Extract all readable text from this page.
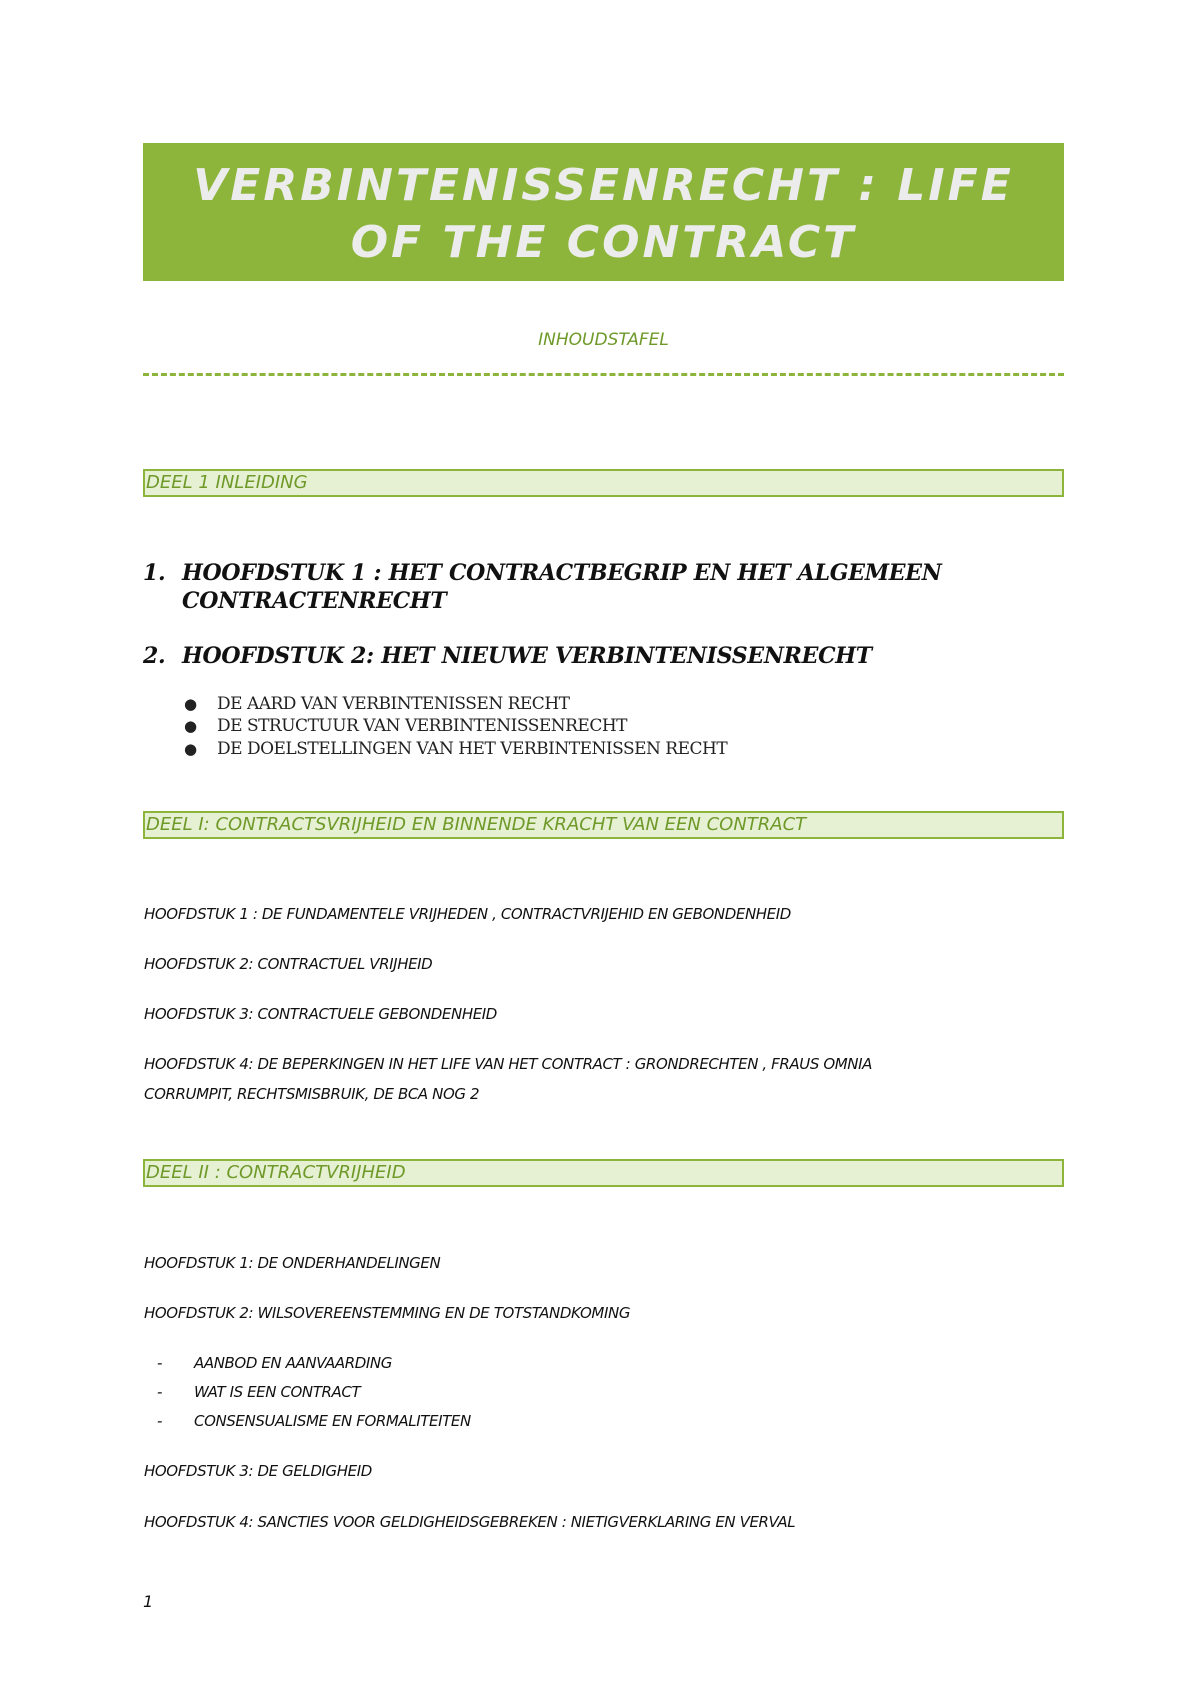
VERBINTENISSENRECHT : LIFE
OF THE CONTRACT
INHOUDSTAFEL
DEEL 1 INLEIDING
1. HOOFDSTUK 1 : HET CONTRACTBEGRIP EN HET ALGEMEEN
CONTRACTENRECHT
2. HOOFDSTUK 2: HET NIEUWE VERBINTENISSENRECHT
● DE AARD VAN VERBINTENISSEN RECHT
● DE STRUCTUUR VAN VERBINTENISSENRECHT
● DE DOELSTELLINGEN VAN HET VERBINTENISSEN RECHT
DEEL I: CONTRACTSVRIJHEID EN BINNENDE KRACHT VAN EEN CONTRACT
HOOFDSTUK 1 : DE FUNDAMENTELE VRIJHEDEN , CONTRACTVRIJEHID EN GEBONDENHEID
HOOFDSTUK 2: CONTRACTUEL VRIJHEID
HOOFDSTUK 3: CONTRACTUELE GEBONDENHEID
HOOFDSTUK 4: DE BEPERKINGEN IN HET LIFE VAN HET CONTRACT : GRONDRECHTEN , FRAUS OMNIA
CORRUMPIT, RECHTSMISBRUIK, DE BCA NOG 2
DEEL II : CONTRACTVRIJHEID
HOOFDSTUK 1: DE ONDERHANDELINGEN
HOOFDSTUK 2: WILSOVEREENSTEMMING EN DE TOTSTANDKOMING
- AANBOD EN AANVAARDING
- WAT IS EEN CONTRACT
- CONSENSUALISME EN FORMALITEITEN
HOOFDSTUK 3: DE GELDIGHEID
HOOFDSTUK 4: SANCTIES VOOR GELDIGHEIDSGEBREKEN : NIETIGVERKLARING EN VERVAL
1
